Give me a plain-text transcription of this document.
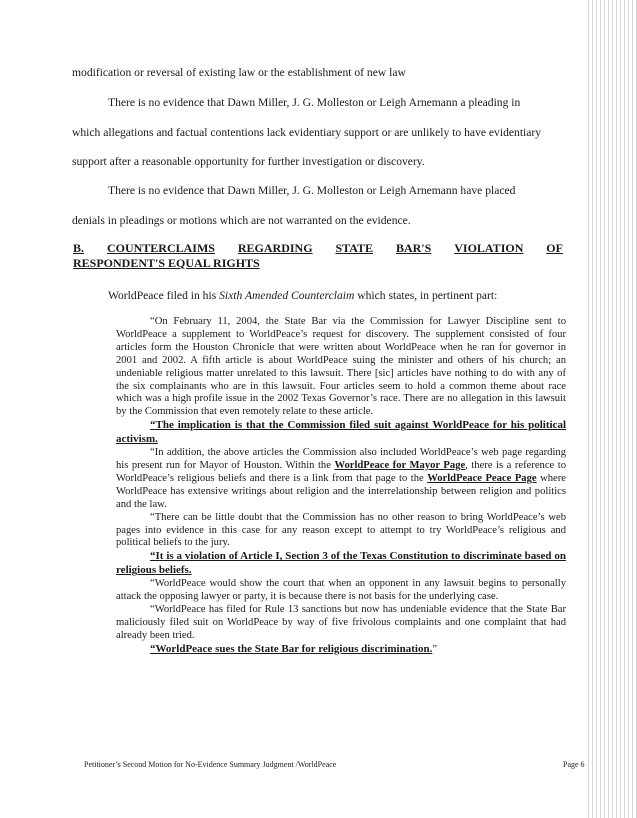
modification or reversal of existing law or the establishment of new law
There is no evidence that Dawn Miller, J. G. Molleston or Leigh Arnemann a pleading in
which allegations and factual contentions lack evidentiary support or are unlikely to have evidentiary
support after a reasonable opportunity for further investigation or discovery.
There is no evidence that Dawn Miller, J. G. Molleston or Leigh Arnemann have placed
denials in pleadings or motions which are not warranted on the evidence.
B. COUNTERCLAIMS REGARDING STATE BAR'S VIOLATION OF
RESPONDENT'S EQUAL RIGHTS
WorldPeace filed in his Sixth Amended Counterclaim which states, in pertinent part:

“On February 11, 2004, the State Bar via the Commission for Lawyer Discipline sent to WorldPeace a supplement to WorldPeace’s request for discovery. The supplement consisted of four articles form the Houston Chronicle that were written about WorldPeace when he ran for governor in 2001 and 2002. A fifth article is about WorldPeace suing the minister and others of his church; an undeniable religious matter unrelated to this lawsuit. There [sic] articles have nothing to do with any of the six complainants who are in this lawsuit. Four articles seem to hold a common theme about race which was a high profile issue in the 2002 Texas Governor’s race. There are no allegation in this lawsuit by the Commission that even remotely relate to these article.

“The implication is that the Commission filed suit against WorldPeace for his political activism.

“In addition, the above articles the Commission also included WorldPeace’s web page regarding his present run for Mayor of Houston. Within the WorldPeace for Mayor Page, there is a reference to WorldPeace’s religious beliefs and there is a link from that page to the WorldPeace Peace Page where WorldPeace has extensive writings about religion and the interrelationship between religion and politics and the law.

“There can be little doubt that the Commission has no other reason to bring WorldPeace’s web pages into evidence in this case for any reason except to attempt to try WorldPeace’s religious and political beliefs to the jury.

“It is a violation of Article I, Section 3 of the Texas Constitution to discriminate based on religious beliefs.

“WorldPeace would show the court that when an opponent in any lawsuit begins to personally attack the opposing lawyer or party, it is because there is not basis for the underlying case.

“WorldPeace has filed for Rule 13 sanctions but now has undeniable evidence that the State Bar maliciously filed suit on WorldPeace by way of five frivolous complaints and one complaint that had already been tried.

“WorldPeace sues the State Bar for religious discrimination.”

Petitioner’s Second Motion for No-Evidence Summary Judgment /WorldPeace	Page 6
